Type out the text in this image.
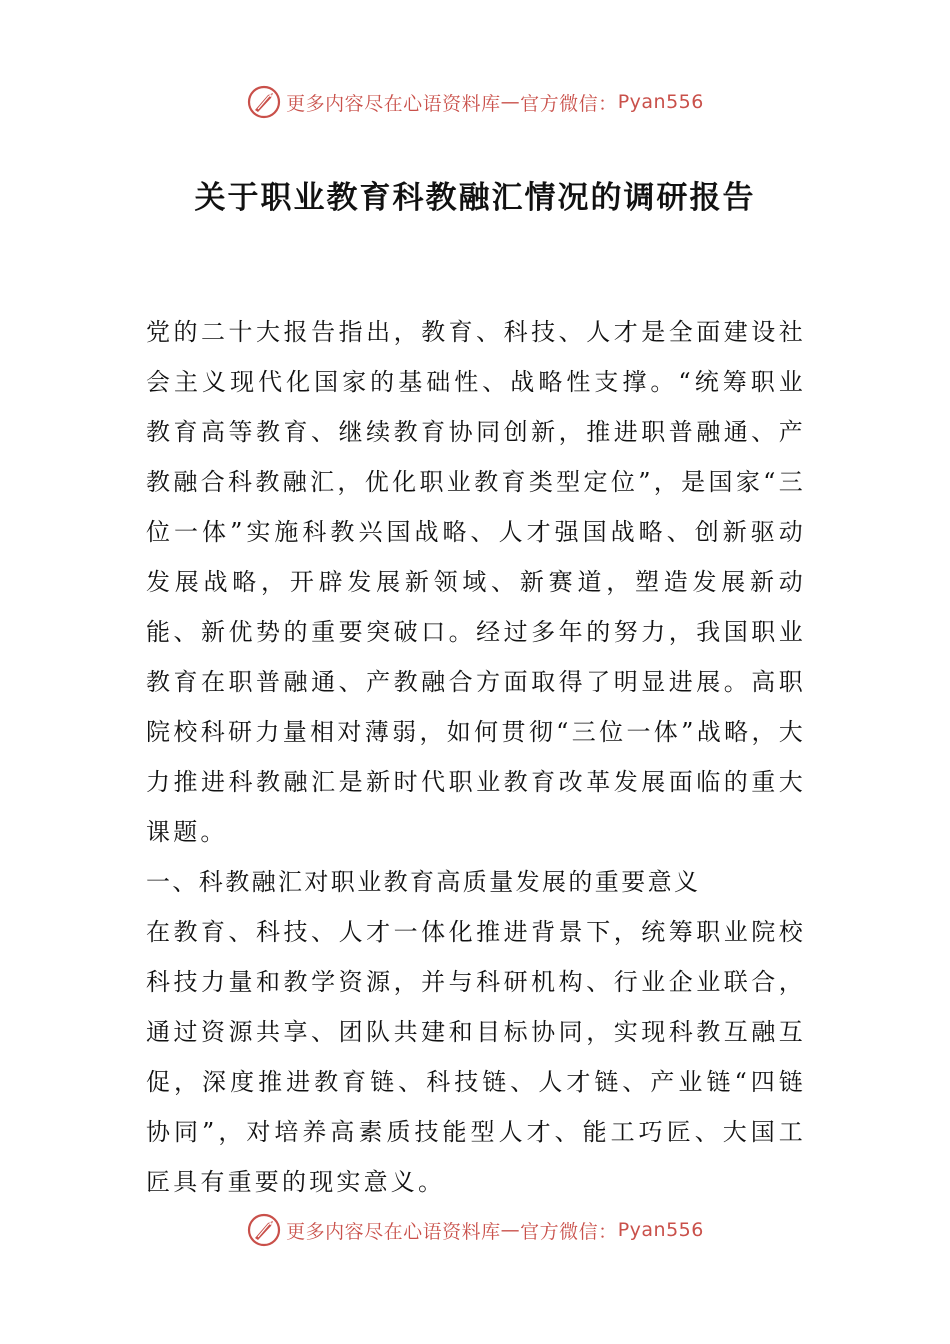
更多内容尽在心语资料库 — 官方微信： Pyan556
关于职业教育科教融汇情况的调研报告

党的二十大报告指出，教育、科技、人才是全面建设社会主义现代化国家的基础性、战略性支撑。“统筹职业教育高等教育、继续教育协同创新，推进职普融通、产教融合科教融汇，优化职业教育类型定位”，是国家“三位一体”实施科教兴国战略、人才强国战略、创新驱动发展战略，开辟发展新领域、新赛道，塑造发展新动能、新优势的重要突破口。经过多年的努力，我国职业教育在职普融通、产教融合方面取得了明显进展。高职院校科研力量相对薄弱，如何贯彻“三位一体”战略，大力推进科教融汇是新时代职业教育改革发展面临的重大课题。

一、科教融汇对职业教育高质量发展的重要意义

在教育、科技、人才一体化推进背景下，统筹职业院校科技力量和教学资源，并与科研机构、行业企业联合，通过资源共享、团队共建和目标协同，实现科教互融互促，深度推进教育链、科技链、人才链、产业链“四链协同”，对培养高素质技能型人才、能工巧匠、大国工匠具有重要的现实意义。

更多内容尽在心语资料库 — 官方微信： Pyan556
